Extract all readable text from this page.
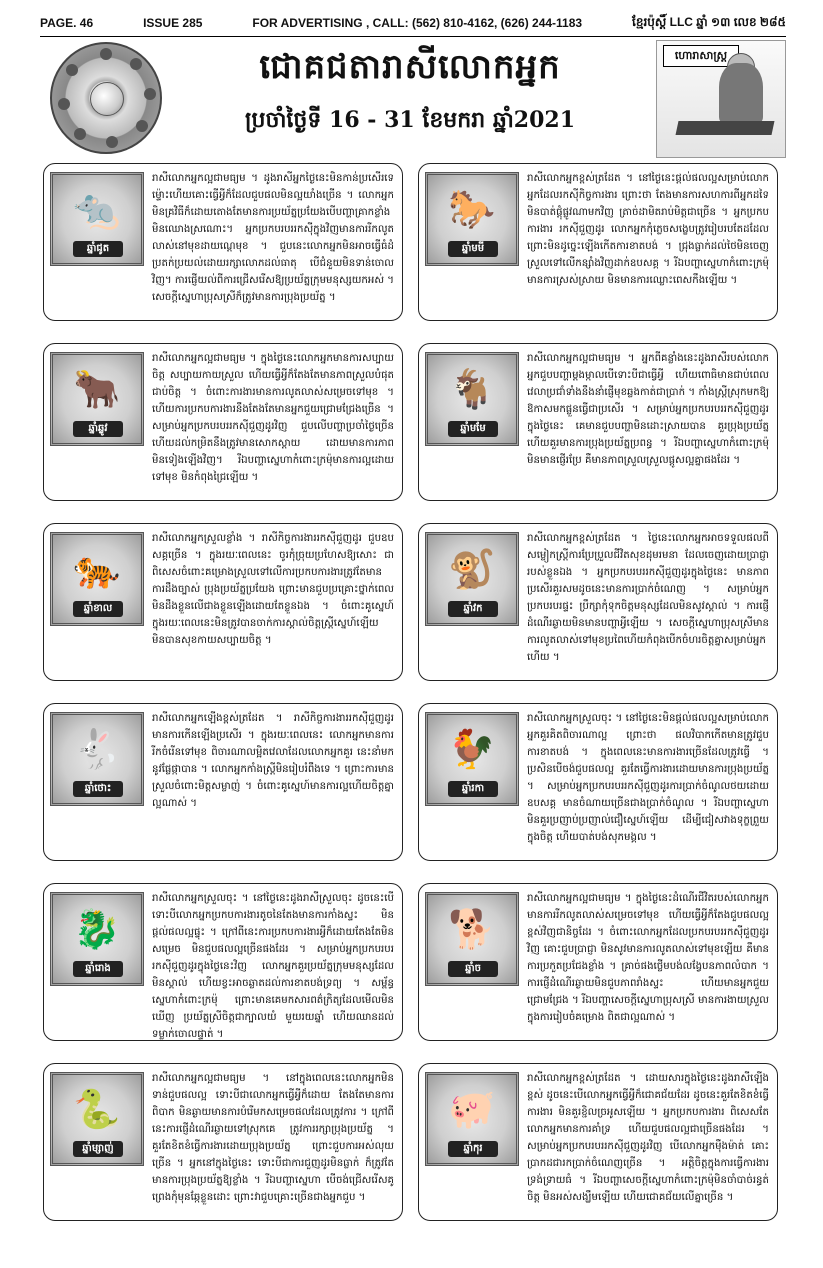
PAGE. 46	ISSUE 285	FOR ADVERTISING , CALL: (562) 810-4162, (626) 244-1183	ខ្មែរប៉ុស្ដិ៍ LLC ឆ្នាំ ១៣ លេខ ២៨៥
ជោគជតារាសីលោកអ្នក
ប្រចាំថ្ងៃទី 16 - 31 ខែមករា ឆ្នាំ2021
ហោរាសាស្ត្រ
🐀
ឆ្នាំជូត
រាសីលោកអ្នកល្អជាមធ្យម ។ ដូងរាសីអ្នកថ្ងៃនេះមិនកាន់ប្រសើរទេ ម្ទ៉ោះហើយគោះធ្វើអ្វីក៏ដែលជួបផលមិនល្អយាំងច្រើន ។ លោកអ្នកមិនគ្រវិធីក៏ដោយតោងតែមានការប្រយ័ត្នប្រយែងបើបញ្ហាគ្រាកខ្លាំងមិនឈោងស្រណោះ។ អ្នកប្រកបរបររកស៊ីក្នុងវិញមានការរីកលូតលាស់នៅមុខដាយណ្ដេមុខ ។ ជួបនេះលោកអ្នកមិនអាចធ្វើធំដំ ប្រតក់ប្រយល់ដោយរក្សាលោភដល់ធាតុ បើជំនួយមិនទាន់ចោលវិញ។ ការផ្ញើយល់ពីការជ្រើសរើសឱ្យប្រយ័ត្នក្រុមមនុស្សយកអស់ ។ សេចក្ដីស្នេហាប្រុសស្រីក៏ត្រូវមានការប្រុងប្រយ័ត្ន ។
🐎
ឆ្នាំមមី
រាសីលោកអ្នកខ្ពស់ត្រដែត ។ នៅថ្ងៃនេះផ្ដល់ផលល្អសម្រាប់លោកអ្នកដែលរកស៊ីកិច្ចការងារ ព្រោះថា តែងមានការសហការពីអ្នកដទៃ មិនបាត់ផ្ដុំផ្លូវណាមកវិញ ត្រាច់ដាមិតរាប់មិត្តជាច្រើន ។ អ្នកប្រកបការងារ រកស៊ីជួញដូរ លោកអ្នកកុំភ្លេចសង្ខេបត្រូវរៀបរបតែដដែល ព្រោះមិនដូច្នេះឡើងកើតការខាតបង់ ។ ជ្រុងធ្លាក់ដល់ថៃមិនចេញស្រួលទៅលើកន្សាំងវិញដាក់ឧបសគ្គ ។ រីឯបញ្ហាស្នេហាកំពោះក្រម៉ុមានការស្រស់ស្រាយ មិនមានការឈ្លោះពេសកឹងឡើយ ។
🐂
ឆ្នាំឆ្លូវ
រាសីលោកអ្នកល្អជាមធ្យម ។ ក្នុងថ្ងៃនេះលោកអ្នកមានការសប្បាយចិត្ត សប្បាយកាយស្រួល ហើយធ្វើអ្វីក៏តែងតែមានភាពស្រួលបំផុតជាប់ចិត្ត ។ ចំពោះការងារមានការលូតលាស់សម្រេចទៅមុខ ។ ហើយការប្រកបការងារនឹងតែងតែមានអ្នកជួយជ្រោមជ្រែងច្រើន ។ សម្រាប់អ្នកប្រកបរបររកស៊ីជួញដូរវិញ ជួបលើបញ្ហាប្រចាំថ្ងៃច្រើន ហើយដល់កម្រិតនឹងត្រូវមានសោកស្ដាយ ដោយមានការភាពមិនទៀងឡើងវិញ។ រីឯបញ្ហាស្នេហាកំពោះក្រម៉ុមានការល្អដោយទៅមុខ មិនកំពុងជ្រៃឡើយ ។
🐐
ឆ្នាំមមែ
រាសីលោកអ្នកល្អជាមធ្យម ។ អ្នកពីគន្លាំងនេះដូងរាសីរបស់លោកអ្នកជួបបញ្ហាម្ដងម្កាលបើទោះបីជាធ្វើអ្វី ហើយពោធិមានជាប់ពេលវេលាប្រជាំទាំងនឹងនាំផ្ញើមុខឆ្លងកាត់ជាប្រាក់ ។ កាំងស្ត្រីស្រុកមកឱ្យឱកាសមកផ្លួនធ្វើជាប្រសើរ ។ សម្រាប់អ្នកប្រកបរបររកស៊ីជួញដូរក្នុងថ្ងៃនេះ គេមានជួបបញ្ហាមិនដោះស្រាយបាន គួរប្រុងប្រយ័ត្ន ហើយគួរមានការប្រុងប្រយ័ត្នប្រពន្ធ ។ រីឯបញ្ហាស្នេហាកំពោះក្រម៉ុមិនមានផ្ញើរប្រែ គឺមានភាពស្រួលស្រួលផ្ដូសល្អគ្នាផងដែរ ។
🐅
ឆ្នាំខាល
រាសីលោកអ្នកស្រួលខ្លាំង ។ រាសីកិច្ចការងាររកស៊ីជួញដូរ ជួបឧបសគ្គច្រើន ។ ក្នុងរយៈពេលនេះ ចូរកុំច្រុយប្រហែសឱ្យសោះ ជាពិសេសចំពោះគម្រោងស្រួលទៅលើការប្រកបការងារត្រូវតែមានការដឹងច្បាស់ ប្រុងប្រយ័ត្នប្រយែង ព្រោះមានជួបប្រគ្រោះថ្នាក់ពេលមិនដឹងខ្លួនលើជាងខ្លួនឡើងដោយតែខ្លួនឯង ។ ចំពោះគូស្នេហ៍ក្នុងរយៈពេលនេះមិនត្រូវបានចាក់ការស្គាល់ចិត្តស្ត្រីស្នេហ៍ឡើយ មិនបានសុខកាយសប្បាយចិត្ត ។
🐒
ឆ្នាំវក
រាសីលោកអ្នកខ្ពស់ត្រដែត ។ ថ្ងៃនេះលោកអ្នកអាចទទួលផលពីសម្លៀកស្ត្រីការប្រែប្រួលជីវិតសុខដុមរមនា ដែលចេញដោយប្រាជ្ញារបស់ខ្លួនឯង ។ អ្នកប្រកបរបររកស៊ីជួញដូរក្នុងថ្ងៃនេះ មានភាពប្រសើរគួរសមដូចនេះមានការប្រាក់ចំណេញ ។ សម្រាប់អ្នកប្រកបរបរផ្ទះ ប្រឹក្សាកុំទុកចិត្តមនុស្សដែលមិនសូវស្គាល់ ។ ការផ្ញើដំណើរឆ្ងាយមិនមានបញ្ហាអ្វីឡើយ ។ សេចក្ដីស្នេហាប្រុសស្រីមានការលូតលាស់ទៅមុខប្រពៃហើយកំពុងបើកចំហរចិត្តគ្នាសម្រាប់អ្នកហើយ ។
🐇
ឆ្នាំថោះ
រាសីលោកអ្នកឡើងខ្ពស់ត្រដែត ។ រាសីកិច្ចការងាររកស៊ីជួញដូរមានការកើនឡើងប្រសើរ ។ ក្នុងរយៈពេលនេះ លោកអ្នកមានការរីកចំរើនទៅមុខ ពិចារណាលម្អិតវេលាដែលលោកអ្នកគួរ នេះនាំមកនូវផ្លែផ្កាបាន ។ លោកអ្នកកាំងស្ត្រីមិនរៀបរំពឹងទេ ។ ព្រោះការមានស្រួលចំពោះមិត្តសម្លាញ់ ។ ចំពោះគូស្នេហ៍មានការល្អហើយចិត្តគ្នាល្អណាស់ ។
🐓
ឆ្នាំរកា
រាសីលោកអ្នកស្រួលចុះ ។ នៅថ្ងៃនេះមិនផ្ដល់ផលល្អសម្រាប់លោកអ្នកគួរគិតពិចារណាល្អ ព្រោះថា ផលវិបាកកើតមានត្រូវជួបការខាតបង់ ។ ក្នុងពេលនេះមានការងារច្រើនដែលត្រូវធ្វើ ។ ប្រសិនបើចង់ជួបផលល្អ គួរតែធ្វើការងារដោយមានការប្រុងប្រយ័ត្ន ។ សម្រាប់អ្នកប្រកបរបររកស៊ីជួញដូរការប្រាក់ចំណូលថយដោយឧបសគ្គ មានចំណាយច្រើនជាងប្រាក់ចំណូល ។ រីឯបញ្ហាស្នេហាមិនគួរប្រញាប់ប្រញាល់ជឿស្នេហ៍ឡើយ ដើម្បីជៀសវាងទុក្ខព្រួយក្នុងចិត្ត ហើយបាត់បង់សុភមង្គល ។
🐉
ឆ្នាំរោង
រាសីលោកអ្នកស្រួលចុះ ។ នៅថ្ងៃនេះដូងរាសីស្រួលចុះ ដូចនេះបើទោះបីលោកអ្នកប្រកបការងារតូចនៃតែងមានការកាំងស្ទះ មិនផ្ដល់ផលល្អផ្ទុះ ។ ក្រៅពីនេះការប្រកបការងារអ្វីក៏ដោយតែងតែមិនសម្រេច មិនជួបផលល្អច្រើនផងដែរ ។ សម្រាប់អ្នកប្រកបរបររកស៊ីជួញដូរក្នុងថ្ងៃនេះវិញ លោកអ្នកគួរប្រយ័ត្នក្រុមមនុស្សដែលមិនស្គាល់ ហើយខ្វះអាចឆ្លាតដល់ការខាតបង់ទ្រព្យ ។ សម្ព័ន្ធស្នេហាកំពោះក្រម៉ុ ព្រោះមានគេមកសារពត៌ក្រិត្យដែលមើលមិនឃើញ ប្រយ័ត្នស្រីចិត្តជាក្បាលយំ មួយរយឆ្នាំ ហើយឈានដល់ទម្លាក់ចោលផ្ទាត់ ។
🐕
ឆ្នាំច
រាសីលោកអ្នកល្អជាមធ្យម ។ ក្នុងថ្ងៃនេះដំណើរជីវិតរបស់លោកអ្នកមានការរីកលូតលាស់សម្រេចទៅមុខ ហើយធ្វើអ្វីក៏តែងជួបផលល្អខ្ពស់វិញជានិច្ចដែរ ។ ចំពោះលោកអ្នកដែលប្រកបរបររកស៊ីជួញដូរវិញ គោះជួបប្រាជ្ញា មិនសូវមានការលូតលាស់ទៅមុខឡើយ គឺមានការប្រកួតប្រជែងខ្លាំង ។ គ្រាច់ផងថ្លើមបង់លង្វែបនភាពលំបាក ។ ការផ្ញើដំណើរឆ្ងាយមិនជួបភាពរាំងស្ទះ ហើយមានអ្នកជួយជ្រោមជ្រែង ។ រីឯបញ្ហាសេចក្ដីស្នេហាប្រុសស្រី មានការងាយស្រួលក្នុងការរៀបចំគម្រោង ពិតជាល្អណាស់ ។
🐍
ឆ្នាំម្សាញ់
រាសីលោកអ្នកល្អជាមធ្យម ។ នៅក្នុងពេលនេះលោកអ្នកមិនទាន់ជួបផលល្អ ទោះបីជាលោកអ្នកធ្វើអ្វីក៏ដោយ តែងតែមានការពិបាក មិនឆ្ងាយមានការបំរើមកសម្រេចផលដែលត្រូវការ ។ ក្រៅពីនេះការផ្ញើដំណើរឆ្ងាយទៅស្រុកគេ ត្រូវការរក្សាប្រុងប្រយ័ត្ន ។ គួរតែខិតខំធ្វើការងារដោយប្រុងប្រយ័ត្ន ព្រោះជួបការអស់លុយច្រើន ។ អ្នកនៅក្នុងថ្ងៃនេះ ទោះបីជាការជួញដូរមិនធ្លាក់ ក៏ត្រូវតែមានការប្រុងប្រយ័ត្នឱ្យខ្លាំង ។ រីឯបញ្ហាស្នេហា បើចង់ជ្រើសរើសគូព្រេងកុំមុនឆ្កែខ្លួនដោះ ព្រោះវាជួបគ្រោះច្រើនជាងអ្នកជួប ។
🐖
ឆ្នាំកុរ
រាសីលោកអ្នកខ្ពស់ត្រដែត ។ ដោយសារក្នុងថ្ងៃនេះដូងរាសីឡើងខ្ពស់ ដូចនេះបើលោកអ្នកធ្វើអ្វីក៏ជោគជ័យដែរ ដូចនេះគួរតែខិតខំធ្វើការងារ មិនគួរខ្ជិលច្រអូសឡើយ ។ អ្នកប្រកបការងារ ពិសេសតែលោកអ្នកមានការគាំទ្រ ហើយជួបផលល្អជាច្រើនផងដែរ ។ សម្រាប់អ្នកប្រកបរបររកស៊ីជួញដូរវិញ បើលោកអ្នកម៉ឺងម៉ាត់ គោះប្រាកដជារកប្រាក់ចំណេញច្រើន ។ អត្តិចិត្តក្នុងការធ្វើការងារទ្រង់ទ្រាយធំ ។ រីឯបញ្ហាសេចក្ដីស្នេហាកំពោះក្រម៉ុមិនចាំបាច់រន្ធត់ចិត្ត មិនអស់សង្ឃឹមឡើយ ហើយជោគជ័យលើគ្នាច្រើន ។
